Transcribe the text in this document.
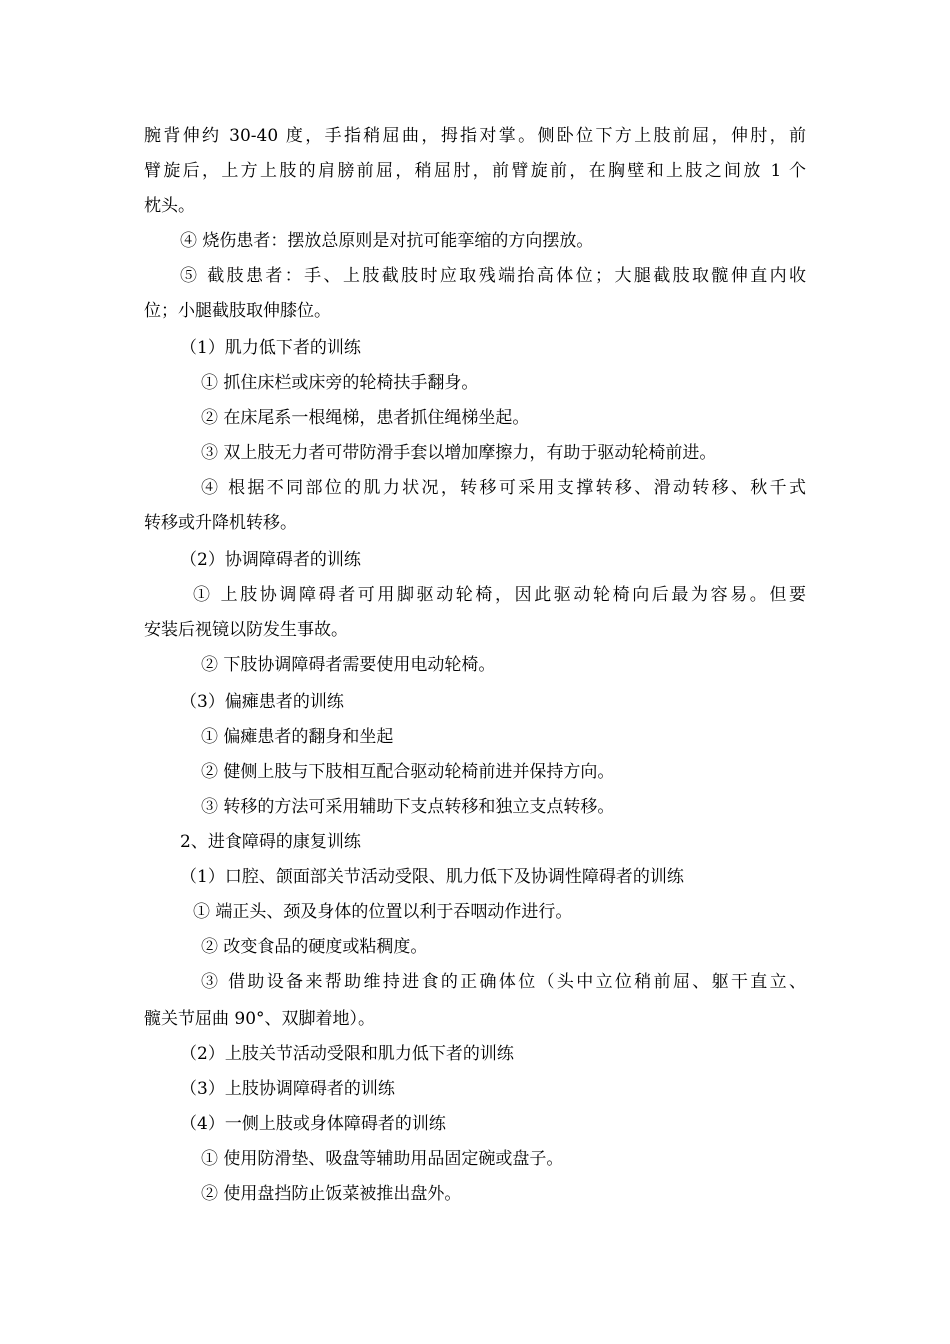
腕背伸约 30-40 度，手指稍屈曲，拇指对掌。侧卧位下方上肢前屈，伸肘，前
臂旋后，上方上肢的肩膀前屈，稍屈肘，前臂旋前，在胸壁和上肢之间放 1 个
枕头。
④ 烧伤患者：摆放总原则是对抗可能挛缩的方向摆放。
⑤ 截肢患者：手、上肢截肢时应取残端抬高体位；大腿截肢取髋伸直内收
位；小腿截肢取伸膝位。
（1）肌力低下者的训练
① 抓住床栏或床旁的轮椅扶手翻身。
② 在床尾系一根绳梯，患者抓住绳梯坐起。
③ 双上肢无力者可带防滑手套以增加摩擦力，有助于驱动轮椅前进。
④ 根据不同部位的肌力状况，转移可采用支撑转移、滑动转移、秋千式
转移或升降机转移。
（2）协调障碍者的训练
① 上肢协调障碍者可用脚驱动轮椅，因此驱动轮椅向后最为容易。但要
安装后视镜以防发生事故。
② 下肢协调障碍者需要使用电动轮椅。
（3）偏瘫患者的训练
① 偏瘫患者的翻身和坐起
② 健侧上肢与下肢相互配合驱动轮椅前进并保持方向。
③ 转移的方法可采用辅助下支点转移和独立支点转移。
2、进食障碍的康复训练
（1）口腔、颌面部关节活动受限、肌力低下及协调性障碍者的训练
① 端正头、颈及身体的位置以利于吞咽动作进行。
② 改变食品的硬度或粘稠度。
③ 借助设备来帮助维持进食的正确体位（头中立位稍前屈、躯干直立、
髋关节屈曲 90°、双脚着地）。
（2）上肢关节活动受限和肌力低下者的训练
（3）上肢协调障碍者的训练
（4）一侧上肢或身体障碍者的训练
① 使用防滑垫、吸盘等辅助用品固定碗或盘子。
② 使用盘挡防止饭菜被推出盘外。
